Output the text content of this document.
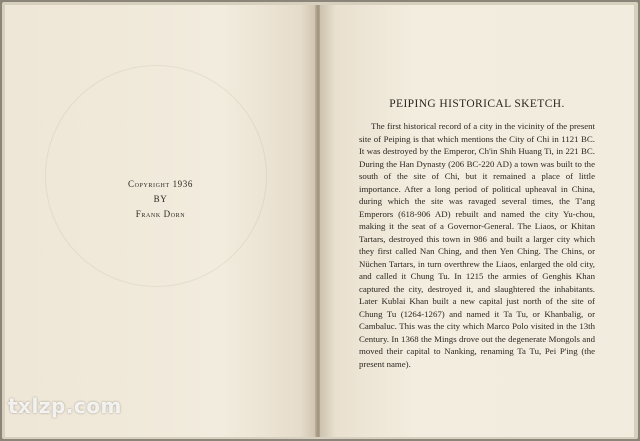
Copyright 1936
BY
Frank Dorn
PEIPING HISTORICAL SKETCH.

The first historical record of a city in the vicinity of the present site of Peiping is that which mentions the City of Chi in 1121 BC. It was destroyed by the Emperor, Ch'in Shih Huang Ti, in 221 BC. During the Han Dynasty (206 BC-220 AD) a town was built to the south of the site of Chi, but it remained a place of little importance. After a long period of political upheaval in China, during which the site was ravaged several times, the T'ang Emperors (618-906 AD) rebuilt and named the city Yu-chou, making it the seat of a Governor-General. The Liaos, or Khitan Tartars, destroyed this town in 986 and built a larger city which they first called Nan Ching, and then Yen Ching. The Chins, or Nüchen Tartars, in turn overthrew the Liaos, enlarged the old city, and called it Chung Tu. In 1215 the armies of Genghis Khan captured the city, destroyed it, and slaughtered the inhabitants. Later Kublai Khan built a new capital just north of the site of Chung Tu (1264-1267) and named it Ta Tu, or Khanbalig, or Cambaluc. This was the city which Marco Polo visited in the 13th Century. In 1368 the Mings drove out the degenerate Mongols and moved their capital to Nanking, renaming Ta Tu, Pei P'ing (the present name).

txlzp.com
